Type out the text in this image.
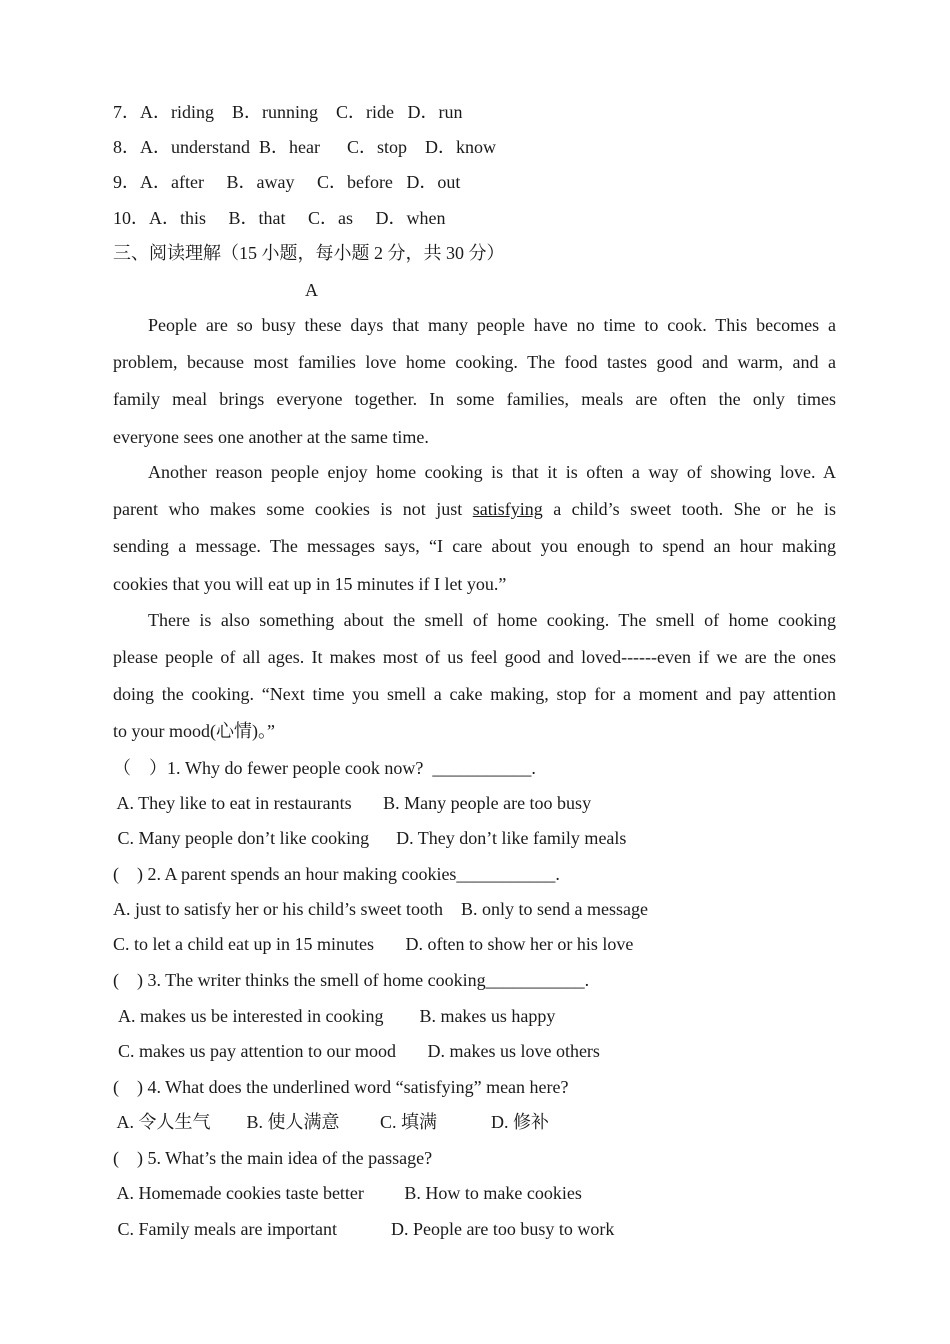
7．A．riding    B．running    C．ride   D．run
8．A．understand  B．hear      C．stop    D．know
9．A．after     B．away     C．before   D．out
10．A．this     B．that     C．as     D．when
三、阅读理解（15 小题，每小题 2 分，共 30 分）
A
People are so busy these days that many people have no time to cook. This becomes a
problem, because most families love home cooking. The food tastes good and warm, and a
family meal brings everyone together. In some families, meals are often the only times
everyone sees one another at the same time.
Another reason people enjoy home cooking is that it is often a way of showing love. A
parent who makes some cookies is not just satisfying a child’s sweet tooth. She or he is
sending a message. The messages says, “I care about you enough to spend an hour making
cookies that you will eat up in 15 minutes if I let you.”
There is also something about the smell of home cooking. The smell of home cooking
please people of all ages. It makes most of us feel good and loved------even if we are the ones
doing the cooking. “Next time you smell a cake making, stop for a moment and pay attention
to your mood(心情)。”
（    ）1. Why do fewer people cook now?  ___________.
A. They like to eat in restaurants       B. Many people are too busy
C. Many people don’t like cooking      D. They don’t like family meals
(    ) 2. A parent spends an hour making cookies___________.
A. just to satisfy her or his child’s sweet tooth    B. only to send a message
C. to let a child eat up in 15 minutes       D. often to show her or his love
(    ) 3. The writer thinks the smell of home cooking___________.
A. makes us be interested in cooking        B. makes us happy
C. makes us pay attention to our mood       D. makes us love others
(    ) 4. What does the underlined word “satisfying” mean here?
A. 令人生气        B. 使人满意         C. 填满            D. 修补
(    ) 5. What’s the main idea of the passage?
A. Homemade cookies taste better         B. How to make cookies
C. Family meals are important            D. People are too busy to work
